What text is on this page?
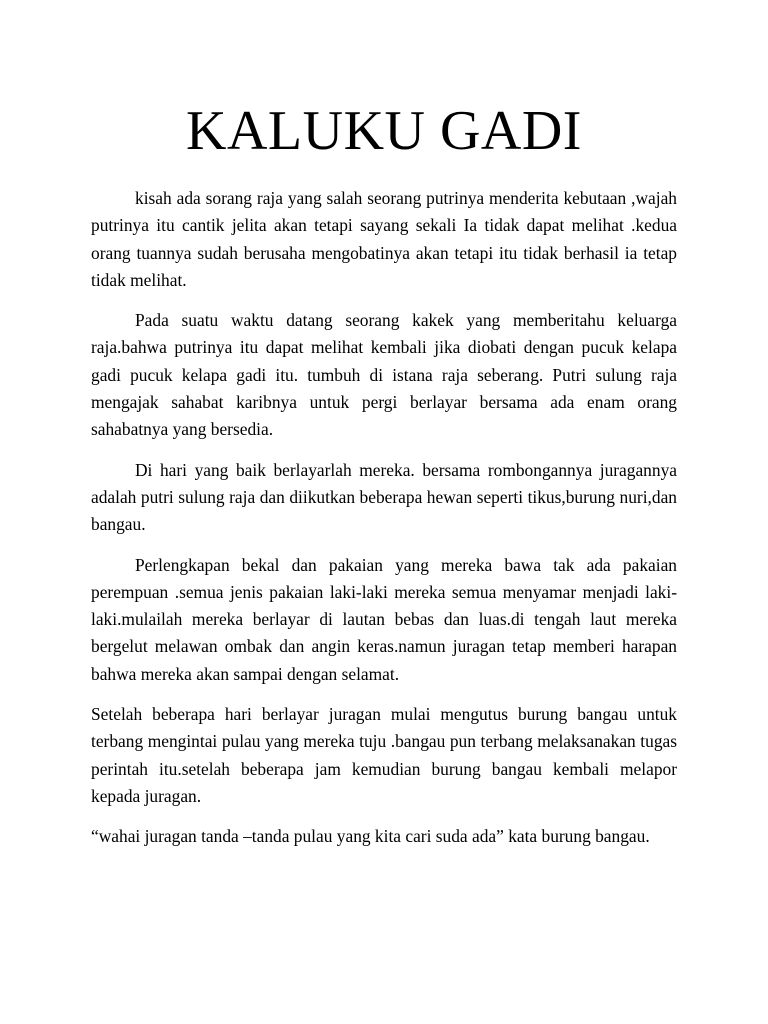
KALUKU GADI

kisah ada sorang raja yang salah seorang putrinya menderita kebutaan ,wajah putrinya itu cantik jelita akan tetapi sayang sekali Ia tidak dapat melihat .kedua orang tuannya sudah berusaha mengobatinya akan tetapi itu tidak berhasil ia tetap tidak melihat.

Pada suatu waktu datang seorang kakek yang memberitahu keluarga raja.bahwa putrinya itu dapat melihat kembali jika diobati dengan pucuk kelapa gadi pucuk kelapa gadi itu. tumbuh di istana raja seberang. Putri sulung raja mengajak sahabat karibnya untuk pergi berlayar bersama ada enam orang sahabatnya yang bersedia.

Di hari yang baik berlayarlah mereka. bersama rombongannya juragannya adalah putri sulung raja dan diikutkan beberapa hewan seperti tikus,burung nuri,dan bangau.

Perlengkapan bekal dan pakaian yang mereka bawa tak ada pakaian perempuan .semua jenis pakaian laki-laki mereka semua menyamar menjadi laki-laki.mulailah mereka berlayar di lautan bebas dan luas.di tengah laut mereka bergelut melawan ombak dan angin keras.namun juragan tetap memberi harapan bahwa mereka akan sampai dengan selamat.

Setelah beberapa hari berlayar juragan mulai mengutus burung bangau untuk terbang mengintai pulau yang mereka tuju .bangau pun terbang melaksanakan tugas perintah itu.setelah beberapa jam kemudian burung bangau kembali melapor kepada juragan.

“wahai juragan tanda –tanda pulau yang kita cari suda ada” kata burung bangau.
